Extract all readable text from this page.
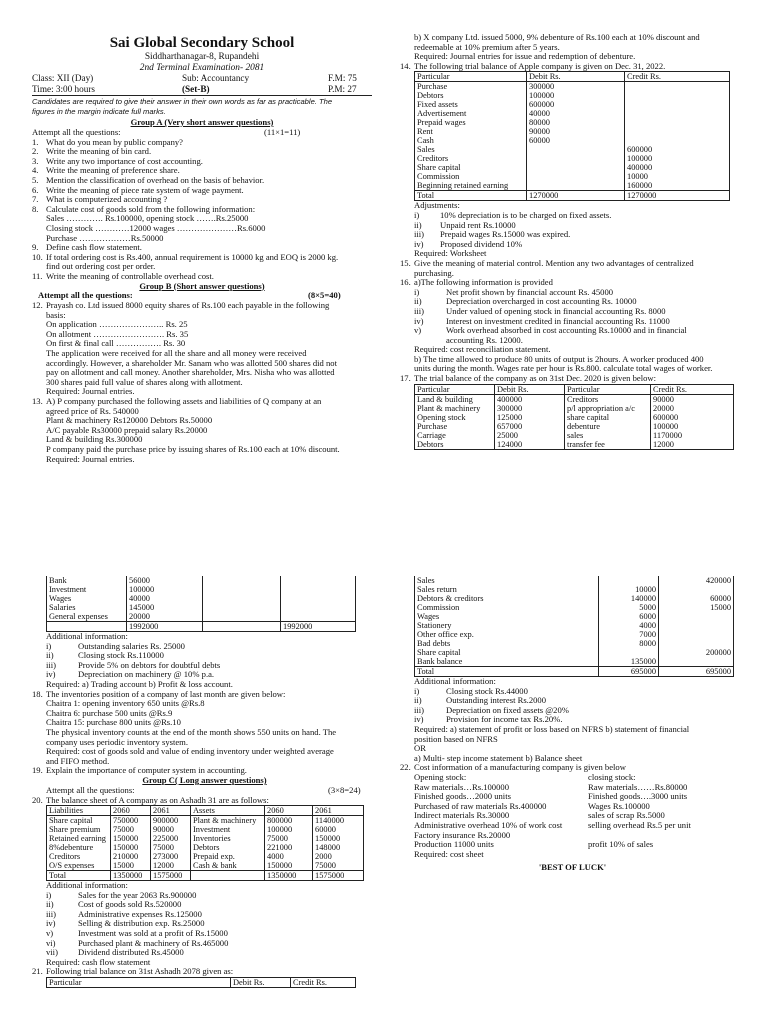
Sai Global Secondary School
Siddharthanagar-8, Rupandehi
2nd Terminal Examination- 2081
Class: XII (Day)	Sub: Accountancy	F.M: 75
Time: 3:00 hours	(Set-B)	P.M: 27
Candidates are required to give their answer in their own words as far as practicable. The
figures in the margin indicate full marks.
Group A (Very short answer questions)
Attempt all the questions:	(11×1=11)
1. What do you mean by public company?
2. Write the meaning of bin card.
3. Write any two importance of cost accounting.
4. Write the meaning of preference share.
5. Mention the classification of overhead on the basis of behavior.
6. Write the meaning of piece rate system of wage payment.
7. What is computerized accounting ?
8. Calculate cost of goods sold from the following information:
Sales …………. Rs.100000, opening stock …….Rs.25000
Closing stock …………12000 wages …………………Rs.6000
Purchase ………………Rs.50000
9. Define cash flow statement.
10. If total ordering cost is Rs.400, annual requirement is 10000 kg and EOQ is 2000 kg.
find out ordering cost per order.
11. Write the meaning of controllable overhead cost.
Group B (Short answer questions)
Attempt all the questions:	(8×5=40)
12. Prayash co. Ltd issued 8000 equity shares of Rs.100 each payable in the following
basis:
On application ………………….. Rs. 25
On allotment ……………………. Rs. 35
On first & final call ……………. Rs. 30
The application were received for all the share and all money were received
accordingly. However, a shareholder Mr. Sanam who was allotted 500 shares did not
pay on allotment and call money. Another shareholder, Mrs. Nisha who was allotted
300 shares paid full value of shares along with allotment.
Required: Journal entries.
13. A) P company purchased the following assets and liabilities of Q company at an
agreed price of Rs. 540000
Plant & machinery Rs120000 Debtors Rs.50000
A/C payable Rs30000 prepaid salary Rs.20000
Land & building Rs.300000
P company paid the purchase price by issuing shares of Rs.100 each at 10% discount.
Required: Journal entries.
b) X company Ltd. issued 5000, 9% debenture of Rs.100 each at 10% discount and
redeemable at 10% premium after 5 years.
Required: Journal entries for issue and redemption of debenture.
14. The following trial balance of Apple company is given on Dec. 31, 2022.
Particular	Debit Rs.	Credit Rs.
Purchase	300000	
Debtors	100000	
Fixed assets	600000	
Advertisement	40000	
Prepaid wages	80000	
Rent	90000	
Cash	60000	
Sales		600000
Creditors		100000
Share capital		400000
Commission		10000
Beginning retained earning		160000
Total	1270000	1270000
Adjustments:
i) 10% depreciation is to be charged on fixed assets.
ii) Unpaid rent Rs.10000
iii) Prepaid wages Rs.15000 was expired.
iv) Proposed dividend 10%
Required: Worksheet
15. Give the meaning of material control. Mention any two advantages of centralized
purchasing.
16. a)The following information is provided
i)	Net profit shown by financial account Rs. 45000
ii)	Depreciation overcharged in cost accounting Rs. 10000
iii)	Under valued of opening stock in financial accounting Rs. 8000
iv)	Interest on investment credited in financial accounting Rs. 11000
v)	Work overhead absorbed in cost accounting Rs.10000 and in financial
accounting Rs. 12000.
Required: cost reconciliation statement.
b) The time allowed to produce 80 units of output is 2hours. A worker produced 400
units during the month. Wages rate per hour is Rs.800. calculate total wages of worker.
17. The trial balance of the company as on 31st Dec. 2020 is given below:
Particular	Debit Rs.	Particular	Credit Rs.
Land & building	400000	Creditors	90000
Plant & machinery	300000	p/l appropriation a/c	20000
Opening stock	125000	share capital	600000
Purchase	657000	debenture	100000
Carriage	25000	sales	1170000
Debtors	124000	transfer fee	12000
Bank	56000		
Investment	100000		
Wages	40000		
Salaries	145000		
General expenses	20000		
	1992000		1992000
Additional information:
i)	Outstanding salaries Rs. 25000
ii)	Closing stock Rs.110000
iii)	Provide 5% on debtors for doubtful debts
iv)	Depreciation on machinery @ 10% p.a.
Required: a) Trading account b) Profit & loss account.
18. The inventories position of a company of last month are given below:
Chaitra 1: opening inventory 650 units @Rs.8
Chaitra 6: purchase 500 units @Rs.9
Chaitra 15: purchase 800 units @Rs.10
The physical inventory counts at the end of the month shows 550 units on hand. The
company uses periodic inventory system.
Required: cost of goods sold and value of ending inventory under weighted average
and FIFO method.
19. Explain the importance of computer system in accounting.
Group C( Long answer questions)
Attempt all the questions:	(3×8=24)
20. The balance sheet of A company as on Ashadh 31 are as follows:
Liabilities	2060	2061	Assets	2060	2061
Share capital	750000	900000	Plant & machinery	800000	1140000
Share premium	75000	90000	Investment	100000	60000
Retained earning	150000	225000	Inventories	75000	150000
8%debenture	150000	75000	Debtors	221000	148000
Creditors	210000	273000	Prepaid exp.	4000	2000
O/S expenses	15000	12000	Cash & bank	150000	75000
Total	1350000	1575000		1350000	1575000
Additional information:
i)	Sales for the year 2063 Rs.900000
ii)	Cost of goods sold Rs.520000
iii)	Administrative expenses Rs.125000
iv)	Selling & distribution exp. Rs.25000
v)	Investment was sold at a profit of Rs.15000
vi)	Purchased plant & machinery of Rs.465000
vii) Dividend distributed Rs.45000
Required: cash flow statement
21. Following trial balance on 31st Ashadh 2078 given as:
Particular	Debit Rs.	Credit Rs.
Sales		420000
Sales return	10000	
Debtors & creditors	140000	60000
Commission	5000	15000
Wages	6000	
Stationery	4000	
Other office exp.	7000	
Bad debts	8000	
Share capital		200000
Bank balance	135000	
Total	695000	695000
Additional information:
i)	Closing stock Rs.44000
ii)	Outstanding interest Rs.2000
iii)	Depreciation on fixed assets @20%
iv)	Provision for income tax Rs.20%.
Required: a) statement of profit or loss based on NFRS b) statement of financial
position based on NFRS
OR
a) Multi- step income statement b) Balance sheet
22. Cost information of a manufacturing company is given below
Opening stock:
Raw materials…Rs.100000
Finished goods…2000 units
Purchased of raw materials Rs.400000
Indirect materials Rs.30000
Administrative overhead 10% of work cost
Factory insurance Rs.20000
Production 11000 units
Required: cost sheet
closing stock:
Raw materials……Rs.80000
Finished goods….3000 units
Wages Rs.100000
sales of scrap Rs.5000
selling overhead Rs.5 per unit
profit 10% of sales
'BEST OF LUCK'
